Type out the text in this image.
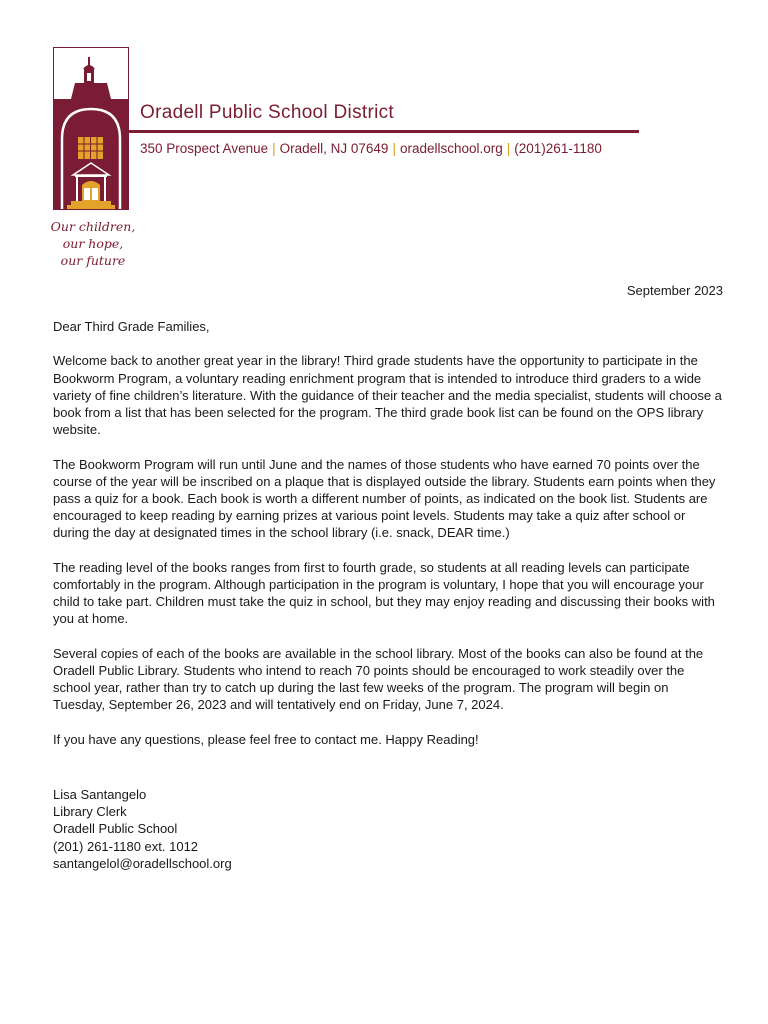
Our children,
our hope,
our future
Oradell Public School District
350 Prospect Avenue | Oradell, NJ 07649 | oradellschool.org | (201)261-1180
September 2023

Dear Third Grade Families,

Welcome back to another great year in the library! Third grade students have the opportunity to participate in the Bookworm Program, a voluntary reading enrichment program that is intended to introduce third graders to a wide variety of fine children’s literature. With the guidance of their teacher and the media specialist, students will choose a book from a list that has been selected for the program. The third grade book list can be found on the OPS library website.

The Bookworm Program will run until June and the names of those students who have earned 70 points over the course of the year will be inscribed on a plaque that is displayed outside the library. Students earn points when they pass a quiz for a book. Each book is worth a different number of points, as indicated on the book list. Students are encouraged to keep reading by earning prizes at various point levels. Students may take a quiz after school or during the day at designated times in the school library (i.e. snack, DEAR time.)

The reading level of the books ranges from first to fourth grade, so students at all reading levels can participate comfortably in the program. Although participation in the program is voluntary, I hope that you will encourage your child to take part. Children must take the quiz in school, but they may enjoy reading and discussing their books with you at home.

Several copies of each of the books are available in the school library. Most of the books can also be found at the Oradell Public Library. Students who intend to reach 70 points should be encouraged to work steadily over the school year, rather than try to catch up during the last few weeks of the program. The program will begin on Tuesday, September 26, 2023 and will tentatively end on Friday, June 7, 2024.

If you have any questions, please feel free to contact me. Happy Reading!

Lisa Santangelo
Library Clerk
Oradell Public School
(201) 261-1180 ext. 1012
santangelol@oradellschool.org
